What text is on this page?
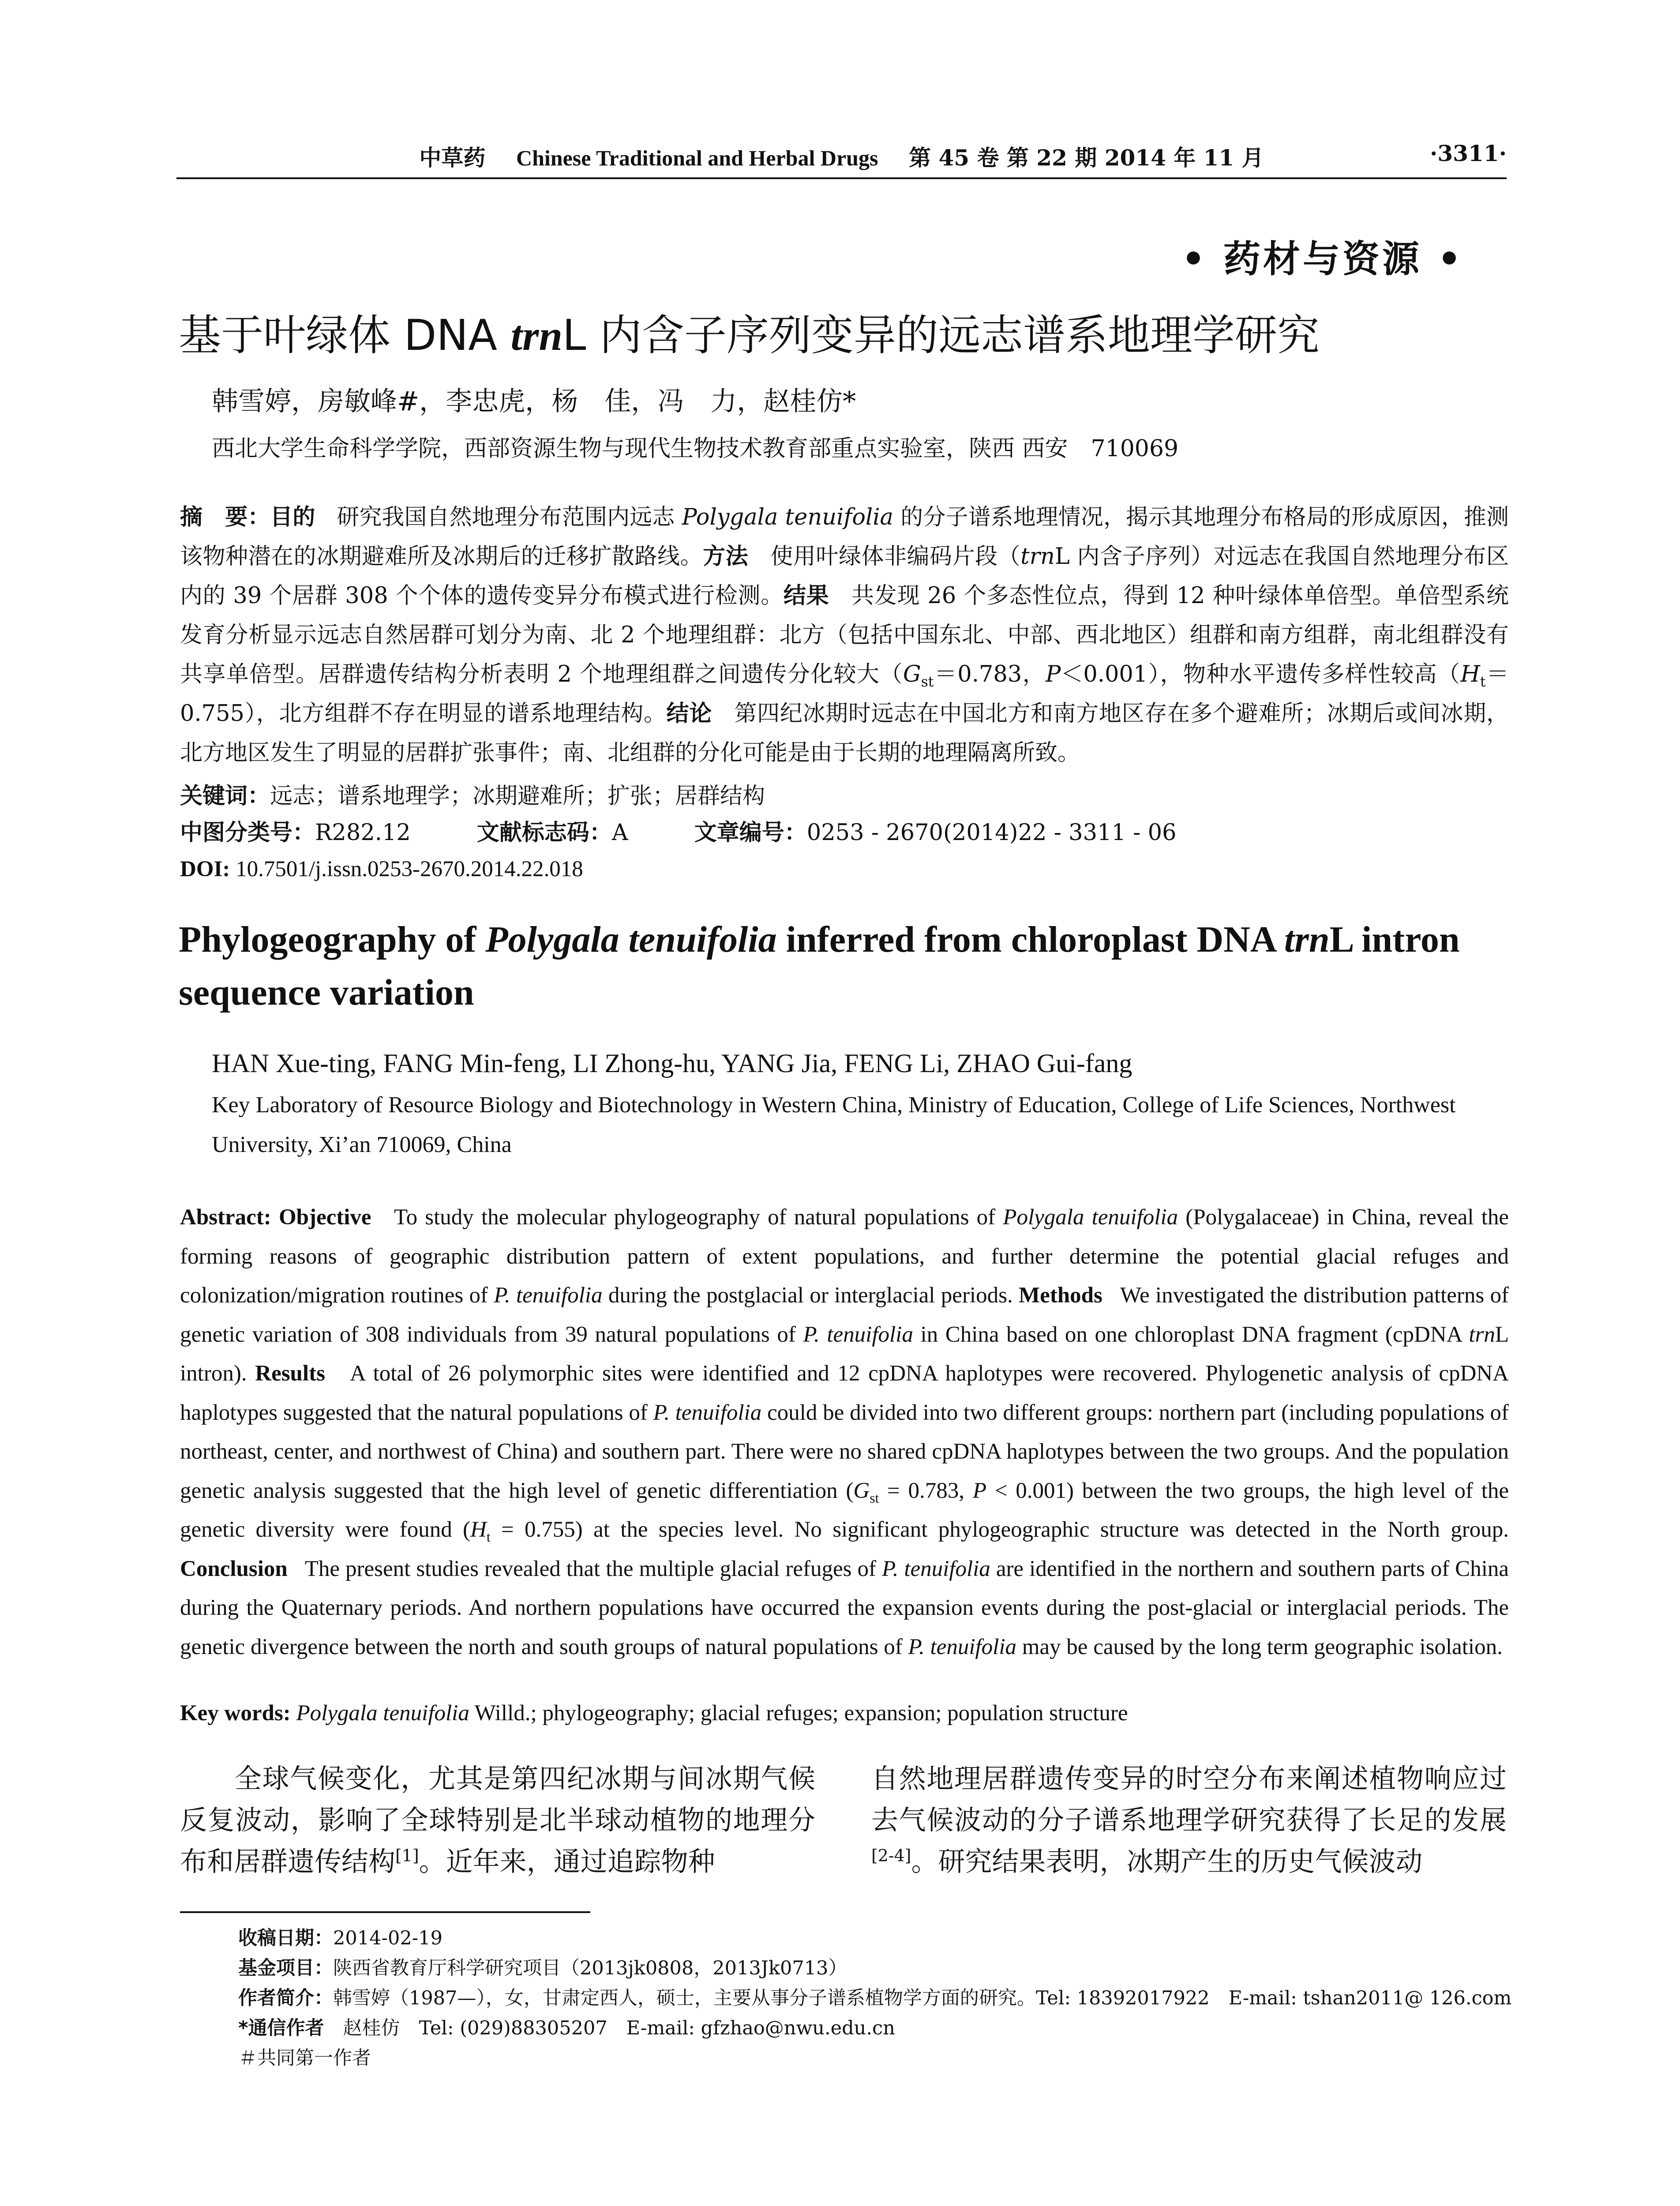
中草药 Chinese Traditional and Herbal Drugs 第 45 卷 第 22 期 2014 年 11 月	·3311·
• 药材与资源 •
基于叶绿体 DNA trnL 内含子序列变异的远志谱系地理学研究
韩雪婷，房敏峰#，李忠虎，杨　佳，冯　力，赵桂仿*
西北大学生命科学学院，西部资源生物与现代生物技术教育部重点实验室，陕西 西安　710069
摘　要：目的 研究我国自然地理分布范围内远志 Polygala tenuifolia 的分子谱系地理情况，揭示其地理分布格局的形成原因，推测该物种潜在的冰期避难所及冰期后的迁移扩散路线。方法 使用叶绿体非编码片段（trnL 内含子序列）对远志在我国自然地理分布区内的 39 个居群 308 个个体的遗传变异分布模式进行检测。结果 共发现 26 个多态性位点，得到 12 种叶绿体单倍型。单倍型系统发育分析显示远志自然居群可划分为南、北 2 个地理组群：北方（包括中国东北、中部、西北地区）组群和南方组群，南北组群没有共享单倍型。居群遗传结构分析表明 2 个地理组群之间遗传分化较大（$G_{st}=0.783$，P＜0.001），物种水平遗传多样性较高$(H_t=0.755)$，北方组群不存在明显的谱系地理结构。结论 第四纪冰期时远志在中国北方和南方地区存在多个避难所；冰期后或间冰期，北方地区发生了明显的居群扩张事件；南、北组群的分化可能是由于长期的地理隔离所致。
关键词：远志；谱系地理学；冰期避难所；扩张；居群结构
中图分类号：R282.12	文献标志码：A	文章编号：0253 - 2670(2014)22 - 3311 - 06
DOI: 10.7501/j.issn.0253-2670.2014.22.018
Phylogeography of Polygala tenuifolia inferred from chloroplast DNA trnL intron sequence variation
HAN Xue-ting, FANG Min-feng, LI Zhong-hu, YANG Jia, FENG Li, ZHAO Gui-fang
Key Laboratory of Resource Biology and Biotechnology in Western China, Ministry of Education, College of Life Sciences, Northwest University, Xi’an 710069, China
Abstract: Objective To study the molecular phylogeography of natural populations of Polygala tenuifolia (Polygalaceae) in China, reveal the forming reasons of geographic distribution pattern of extent populations, and further determine the potential glacial refuges and colonization/migration routines of P. tenuifolia during the postglacial or interglacial periods. Methods We investigated the distribution patterns of genetic variation of 308 individuals from 39 natural populations of P. tenuifolia in China based on one chloroplast DNA fragment (cpDNA trnL intron). Results A total of 26 polymorphic sites were identified and 12 cpDNA haplotypes were recovered. Phylogenetic analysis of cpDNA haplotypes suggested that the natural populations of P. tenuifolia could be divided into two different groups: northern part (including populations of northeast, center, and northwest of China) and southern part. There were no shared cpDNA haplotypes between the two groups. And the population genetic analysis suggested that the high level of genetic differentiation ($G_{st} = 0.783$, P < 0.001) between the two groups, the high level of the genetic diversity were found $(H_t = 0.755)$ at the species level. No significant phylogeographic structure was detected in the North group. Conclusion The present studies revealed that the multiple glacial refuges of P. tenuifolia are identified in the northern and southern parts of China during the Quaternary periods. And northern populations have occurred the expansion events during the post-glacial or interglacial periods. The genetic divergence between the north and south groups of natural populations of P. tenuifolia may be caused by the long term geographic isolation.
Key words: Polygala tenuifolia Willd.; phylogeography; glacial refuges; expansion; population structure
  全球气候变化，尤其是第四纪冰期与间冰期气候反复波动，影响了全球特别是北半球动植物的地理分布和居群遗传结构[1]。近年来，通过追踪物种
自然地理居群遗传变异的时空分布来阐述植物响应过去气候波动的分子谱系地理学研究获得了长足的发展[2-4]。研究结果表明，冰期产生的历史气候波动
收稿日期：2014-02-19
基金项目：陕西省教育厅科学研究项目（2013jk0808，2013Jk0713）
作者简介：韩雪婷（1987—），女，甘肃定西人，硕士，主要从事分子谱系植物学方面的研究。Tel: 18392017922　E-mail: tshan2011@ 126.com
*通信作者　赵桂仿　Tel: (029)88305207　E-mail: gfzhao@nwu.edu.cn
＃共同第一作者
